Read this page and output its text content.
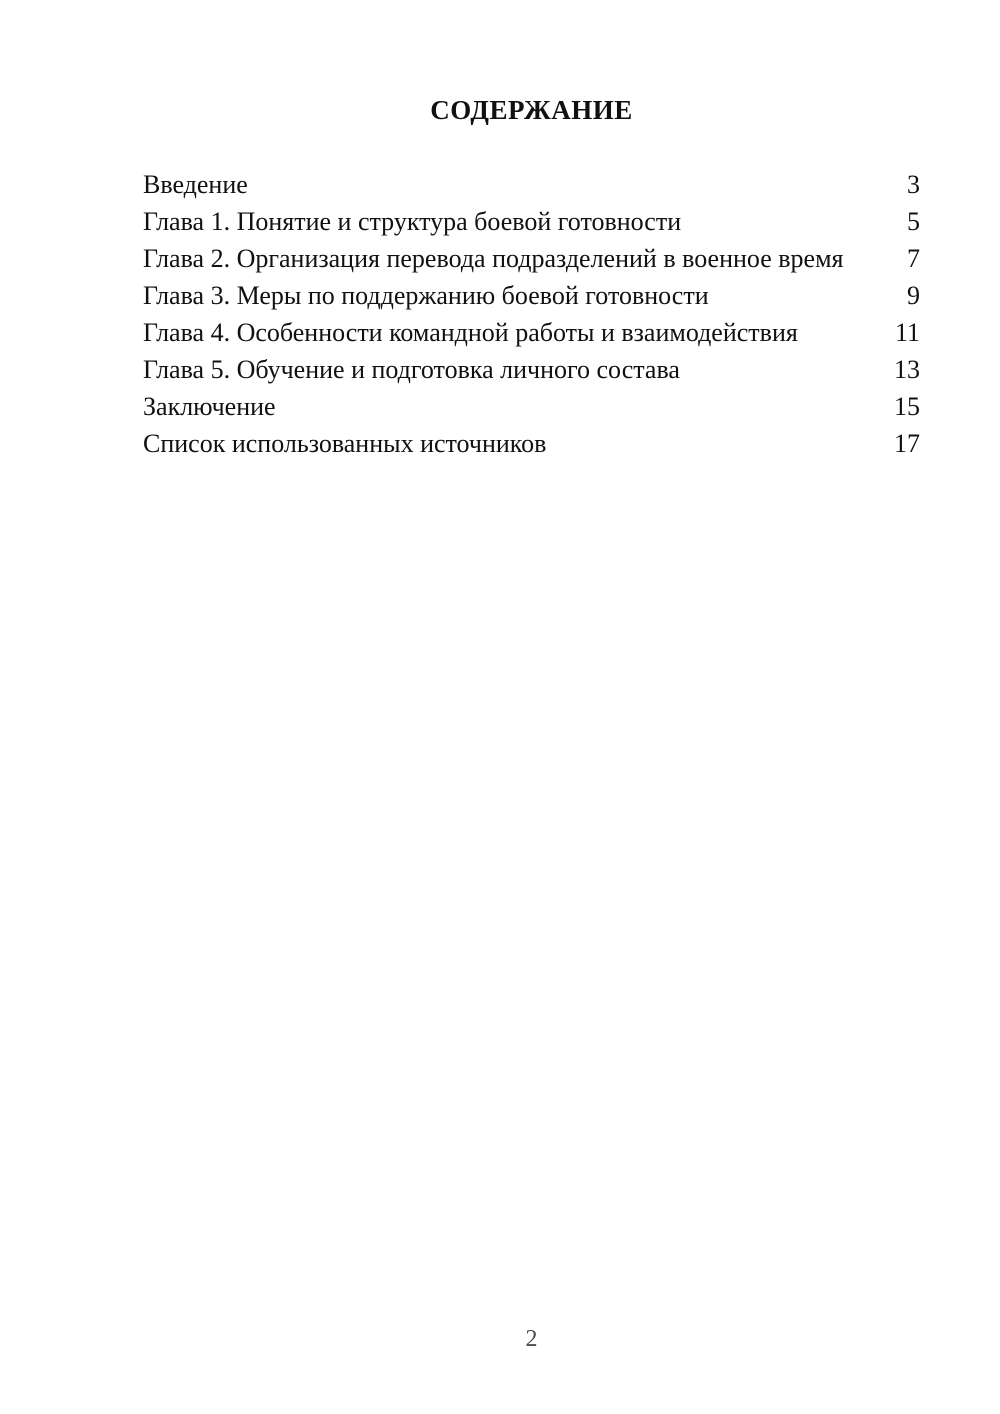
СОДЕРЖАНИЕ
Введение	3
Глава 1. Понятие и структура боевой готовности	5
Глава 2. Организация перевода подразделений в военное время	7
Глава 3. Меры по поддержанию боевой готовности	9
Глава 4. Особенности командной работы и взаимодействия	11
Глава 5. Обучение и подготовка личного состава	13
Заключение	15
Список использованных источников	17
2
